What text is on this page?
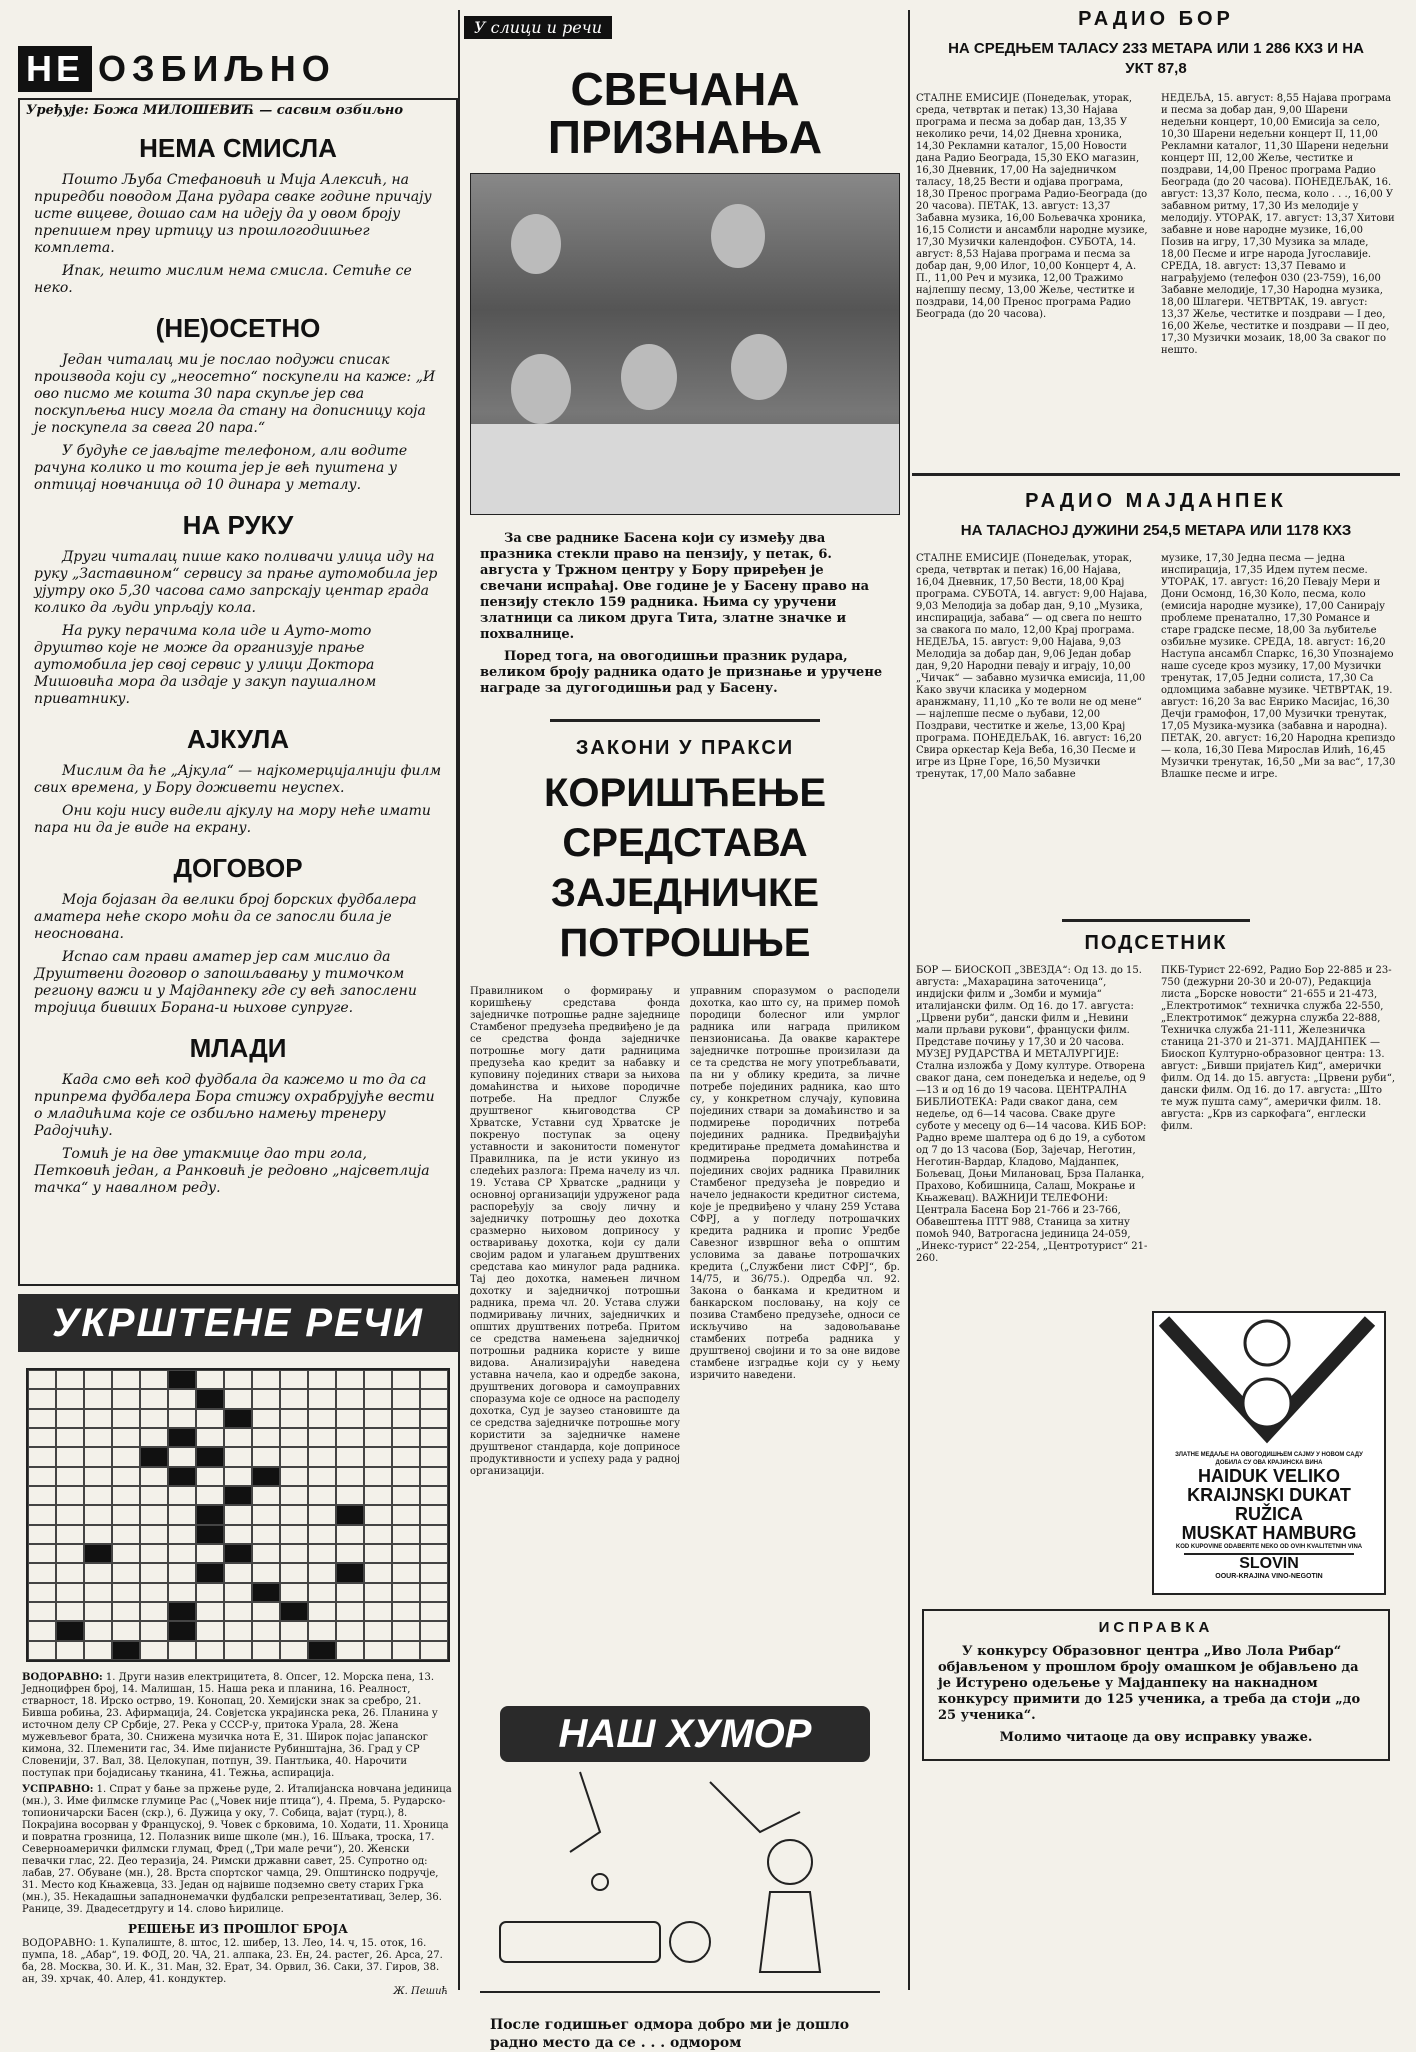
НЕ ОЗБИЉНО
Уређује: Божа МИЛОШЕВИЋ — сасвим озбиљно
НЕМА СМИСЛА

Пошто Љуба Стефановић и Мија Алексић, на приредби поводом Дана рудара сваке године причају исте вицеве, дошао сам на идеју да у овом броју препишем прву иртицу из прошлогодишњег комплета.

Ипак, нешто мислим нема смисла. Сетиће се неко.

(НЕ)ОСЕТНО

Један читалац ми је послао подужи списак производа који су „неосетно“ поскупели на каже: „И ово писмо ме коштa 30 пара скупље јер сва поскупљења нису могла да стану на дописницу која је поскупела за свега 20 пара.“

У будуће се јављајте телефоном, али водите рачуна колико и то кошта јер је већ пуштена у оптицај новчаница од 10 динара у металу.

НА РУКУ

Други читалац пише како поливачи улица иду на руку „Заставином“ сервису за прање аутомобила јер ујутру око 5,30 часова само запрскају центар града колико да људи упрљају кола.

На руку перачима кола иде и Ауто-мото друштво које не може да организује прање аутомобила јер свој сервис у улици Доктора Мишовића мора да издаје у закуп паушалном приватнику.

АЈКУЛА

Мислим да ће „Ајкула“ — најкомерцијалнији филм свих времена, у Бору доживети неуспех.

Они који нису видели ајкулу на мору неће имати пара ни да је виде на екрану.

ДОГОВОР

Моја бојазан да велики број борских фудбалера аматера неће скоро моћи да се запосли била је неоснована.

Испао сам прави аматер јер сам мислио да Друштвени договор о запошљавању у тимочком региону важи и у Мајданпеку где су већ запослени тројица бивших Борана-и њихове супруге.

МЛАДИ

Када смо већ код фудбала да кажемо и то да са припрема фудбалера Бора стижу охрабрујуће вести о младићима које се озбиљно намењу тренеру Радојчићу.

Томић је на две утакмице дао три гола, Петковић један, а Ранковић је редовно „најсветлија тачка“ у навалном реду.

УКРШТЕНЕ РЕЧИ
ВОДОРАВНО: 1. Други назив електрицитета, 8. Опсег, 12. Морска пена, 13. Једноцифрен број, 14. Малишан, 15. Наша река и планина, 16. Реалност, стварност, 18. Ирско острво, 19. Конопац, 20. Хемијски знак за сребро, 21. Бивша робиња, 23. Афирмација, 24. Совјетска украјинска река, 26. Планина у источном делу СР Србије, 27. Река у СССР-у, притока Урала, 28. Жена мужевљевог брата, 30. Снижена музичка нота Е, 31. Широк појас јапанског кимона, 32. Племенити гас, 34. Име пијанисте Рубинштајна, 36. Град у СР Словенији, 37. Вал, 38. Целокупан, потпун, 39. Пантљика, 40. Нарочити поступак при бојадисању тканина, 41. Тежња, аспирација.
УСПРАВНО: 1. Спрат у бање за пржење руде, 2. Италијанска новчана јединица (мн.), 3. Име филмске глумице Рас („Човек није птица“), 4. Према, 5. Рударско-топионичарски Басен (скр.), 6. Дужица у оку, 7. Собица, вајат (турц.), 8. Покрајина восорван у Француској, 9. Човек с брковима, 10. Ходати, 11. Хроница и повратна грозница, 12. Полазник вишe школе (мн.), 16. Шљака, троска, 17. Северноамерички филмски глумац, Фред („Три мале речи“), 20. Женски певачки глас, 22. Део теразија, 24. Римски државни савет, 25. Супротно од: лабав, 27. Обуване (мн.), 28. Врста спортског чамца, 29. Општинско подручје, 31. Место код Књажевца, 33. Један од највише подземно свету старих Грка (мн.), 35. Некадашњи западнонемачки фудбалски репрезентативац, Зелер, 36. Ранице, 39. Двадесетдругу и 14. слово ћирилице.
РЕШЕЊЕ ИЗ ПРОШЛОГ БРОЈА
ВОДОРАВНО: 1. Купалиште, 8. штос, 12. шибер, 13. Лео, 14. ч, 15. оток, 16. пумпа, 18. „Абар“, 19. ФОД, 20. ЧА, 21. алпака, 23. Ен, 24. растег, 26. Арса, 27. ба, 28. Москва, 30. И. К., 31. Ман, 32. Ерат, 34. Орвил, 36. Саки, 37. Гиров, 38. ан, 39. хрчак, 40. Алер, 41. кондуктер.
Ж. Пешић
У слици и речи
СВЕЧАНА ПРИЗНАЊА

За све раднике Басена који су између два празника стекли право на пензију, у петак, 6. августа у Тржном центру у Бору приређен је свечани испраћај. Ове године је у Басену право на пензију стекло 159 радника. Њима су уручени златници са ликом друга Тита, златне значке и похвалнице.

Поред тога, на овогодишњи празник рудара, великом броју радника одато је признање и уручене награде за дугогодишњи рад у Басену.

ЗАКОНИ У ПРАКСИ
КОРИШЋЕЊЕ СРЕДСТАВА ЗАЈЕДНИЧКЕ ПОТРОШЊЕ
Правилником о формирању и коришћењу средстава фонда заједничке потрошње радне заједнице Стамбеног предузећа предвиђено је да се средства фонда заједничке потрошње могу дати радницима предузећа као кредит за набавку и куповину појединих ствари за њихова домаћинства и њихове породичне потребе. На предлог Службе друштвеног књиговодства СР Хрватске, Уставни суд Хрватске је покренуо поступак за оцену уставности и законитости поменутог Правилника, па је исти укинуо из следећих разлога: Према начелу из чл. 19. Устава СР Хрватске „радници у основној организацији удруженог рада распоређују за своју личну и заједничку потрошњу део дохотка сразмерно њиховом доприносу у остваривању дохотка, који су дали својим радом и улагањем друштвених средстава као минулог рада радника. Тај део дохотка, намењен личном дохотку и заједничкој потрошњи радника, према чл. 20. Устава служи подмиривању личних, заједничких и општих друштвених потреба. Притом се средства намењена заједничкој потрошњи радника користе у више видова. Анализирајући наведена уставна начела, као и одредбе закона, друштвених договора и самоуправних споразума које се односе на расподелу дохотка, Суд је заузео становиште да се средства заједничке потрошње могу користити за заједничке намене друштвеног стандарда, које доприносе продуктивности и успеху рада у радној организацији.
управним споразумом о расподели дохотка, као што су, на пример помоћ породици болесног или умрлог радника или награда приликом пензионисања. Да овакве карактере заједничке потрошње произилази да се та средства не могу употребљавати, па ни у облику кредита, за личне потребе појединих радника, као што су, у конкретном случају, куповина појединих ствари за домаћинство и за подмирење породичних потреба појединих радника. Предвиђајући кредитирање предмета домаћинства и подмирења породичних потреба појединих својих радника Правилник Стамбеног предузећа је повредио и начело једнакости кредитног система, које је предвиђено у члану 259 Устава СФРЈ, а у погледу потрошачких кредита радника и пропис Уредбе Савезног извршног већа о општим условима за давање потрошачких кредита („Службени лист СФРЈ“, бр. 14/75, и 36/75.). Одредба чл. 92. Закона о банкама и кредитном и банкарском пословању, на коју се позива Стамбено предузеће, односи се искључиво на задовољавање стамбених потреба радника у друштвеној својини и то за оне видове стамбене изградње који су у њему изричито наведени.
НАШ ХУМОР

После годишњег одмора добро ми је дошло радно место да се . . . одмором

РАДИО БОР
НА СРЕДЊЕМ ТАЛАСУ 233 МЕТАРА ИЛИ 1 286 КХЗ И НА УКТ 87,8
СТАЛНЕ ЕМИСИЈЕ (Понедељак, уторак, среда, четвртак и петак) 13,30 Најава програма и песма за добар дан, 13,35 У неколико речи, 14,02 Дневна хроника, 14,30 Рекламни каталог, 15,00 Новости дана Радио Београда, 15,30 ЕКО магазин, 16,30 Дневник, 17,00 На заједничком таласу, 18,25 Вести и одјава програма, 18,30 Пренос програма Радио-Београда (до 20 часова). ПЕТАК, 13. август: 13,37 Забавна музика, 16,00 Бољевачка хроника, 16,15 Солисти и ансамбли народне музике, 17,30 Музички календофон. СУБОТА, 14. август: 8,53 Најава програма и песма за добар дан, 9,00 Илог, 10,00 Концерт 4, А. П., 11,00 Реч и музика, 12,00 Тражимо најлепшу песму, 13,00 Жеље, честитке и поздрави, 14,00 Пренос програма Радио Београда (до 20 часова).
НЕДЕЉА, 15. август: 8,55 Најава програма и песма за добар дан, 9,00 Шарени недељни концерт, 10,00 Емисија за село, 10,30 Шарени недељни концерт II, 11,00 Рекламни каталог, 11,30 Шарени недељни концерт III, 12,00 Жеље, честитке и поздрави, 14,00 Пренос програма Радио Београда (до 20 часова). ПОНЕДЕЉАК, 16. август: 13,37 Коло, песма, коло . . ., 16,00 У забавном ритму, 17,30 Из мелодије у мелодију. УТОРАК, 17. август: 13,37 Хитови забавне и нове народне музике, 16,00 Позив на игру, 17,30 Музика за младе, 18,00 Песме и игре народа Југославије. СРЕДА, 18. август: 13,37 Певамо и награђујемо (телефон 030 (23-759), 16,00 Забавне мелодије, 17,30 Народна музика, 18,00 Шлагери. ЧЕТВРТАК, 19. август: 13,37 Жеље, честитке и поздрави — I део, 16,00 Жеље, честитке и поздрави — II део, 17,30 Музички мозаик, 18,00 За сваког по нешто.
РАДИО МАЈДАНПЕК
НА ТАЛАСНОЈ ДУЖИНИ 254,5 МЕТАРА ИЛИ 1178 КХЗ
СТАЛНЕ ЕМИСИЈЕ (Понедељак, уторак, среда, четвртак и петак) 16,00 Најава, 16,04 Дневник, 17,50 Вести, 18,00 Крај програма. СУБОТА, 14. август: 9,00 Најава, 9,03 Мелодија за добар дан, 9,10 „Музика, инспирација, забава“ — од свега по нешто за свакога по мало, 12,00 Крај програма. НЕДЕЉА, 15. август: 9,00 Најава, 9,03 Мелодија за добар дан, 9,06 Један добар дан, 9,20 Народни певају и играју, 10,00 „Чичак“ — забавно музичка емисија, 11,00 Како звучи класика у модерном аранжману, 11,10 „Ко те воли не од мене“ — најлепше песме о љубави, 12,00 Поздрави, честитке и жеље, 13,00 Крај програма. ПОНЕДЕЉАК, 16. август: 16,20 Свира оркестар Кеја Вебa, 16,30 Песме и игре из Црне Горе, 16,50 Музички тренутак, 17,00 Мало забавне
музике, 17,30 Једна песма — једна инспирација, 17,35 Идем путем песме. УТОРАК, 17. август: 16,20 Певају Мери и Дони Осмонд, 16,30 Коло, песма, коло (емисија народне музике), 17,00 Санирају проблеме пренатално, 17,30 Романсе и старе градске песме, 18,00 За љубитеље озбиљне музике. СРЕДА, 18. август: 16,20 Наступа ансамбл Спаркс, 16,30 Упознајемо наше суседе кроз музику, 17,00 Музички тренутак, 17,05 Једни солиста, 17,30 Са одломцима забавне музике. ЧЕТВРТАК, 19. август: 16,20 За вас Енрико Масијас, 16,30 Дечји грамофон, 17,00 Музички тренутак, 17,05 Музика-музика (забавна и народна). ПЕТАК, 20. август: 16,20 Народна крепиздо — кола, 16,30 Пева Мирослав Илић, 16,45 Музички тренутак, 16,50 „Ми за вас“, 17,30 Влашке песме и игре.
ПОДСЕТНИК
БОР — БИОСКОП „ЗВЕЗДА“: Од 13. до 15. августа: „Махараџина заточеница“, индијски филм и „Зомби и мумија“ италијански филм. Од 16. до 17. августа: „Црвени руби“, дански филм и „Невини мали прљави рукови“, француски филм. Представе почињу у 17,30 и 20 часова. МУЗЕЈ РУДАРСТВА И МЕТАЛУРГИЈЕ: Стална изложба у Дому културе. Отворена сваког дана, сем понедељка и недеље, од 9—13 и од 16 до 19 часова. ЦЕНТРАЛНА БИБЛИОТЕКА: Ради сваког дана, сем недеље, од 6—14 часова. Сваке друге суботе у месецу од 6—14 часова. КИБ БОР: Радно време шалтера од 6 до 19, а суботом од 7 до 13 часова (Бор, Зајечар, Неготин, Неготин-Вардар, Кладово, Мајданпек, Бољевац, Доњи Милановац, Брза Паланка, Прахово, Кобишница, Салаш, Мокрање и Књажевац). ВАЖНИЈИ ТЕЛЕФОНИ: Централа Басена Бор 21-766 и 23-766, Обавештења ПТТ 988, Станица за хитну помоћ 940, Ватрогасна јединица 24-059, „Инекс-туристˮ 22-254, „Центротурист“ 21-260.
ПКБ-Турист 22-692, Радио Бор 22-885 и 23-750 (дежурни 20-30 и 20-07), Редакција листа „Борске новости“ 21-655 и 21-473, „Електротимок“ техничка служба 22-550, „Електротимок“ дежурна служба 22-888, Техничка служба 21-111, Железничка станица 21-370 и 21-371. МАЈДАНПЕК — Биоскоп Културно-образовног центра: 13. август: „Бивши пријатељ Кид“, амерички филм. Од 14. до 15. августа: „Црвени руби“, дански филм. Од 16. до 17. августа: „Што те муж пушта саму“, амерички филм. 18. августа: „Крв из саркофага“, енглески филм.
ЗЛАТНЕ МЕДАЉЕ НА ОВОГОДИШЊЕМ САЈМУ У НОВОМ САДУ ДОБИЛА СУ ОВА КРАЈИНСКА ВИНА
HAIDUK VELIKO
KRAIJNSKI DUKAT
RUŽICA
MUSKAT HAMBURG
KOD KUPOVINE ODABERITE NEKO OD OVIH KVALITETNIH VINA
SLOVIN
OOUR-KRAJINA VINO-NEGOTIN
ИСПРАВКА

У конкурсу Образовног центра „Иво Лола Рибар“ објављеном у прошлом броју омашком је објављено да је Истурено одељење у Мајданпеку на накнадном конкурсу примити до 125 ученика, а треба да стоји „до 25 ученика“.

Молимо читаоце да ову исправку уваже.
